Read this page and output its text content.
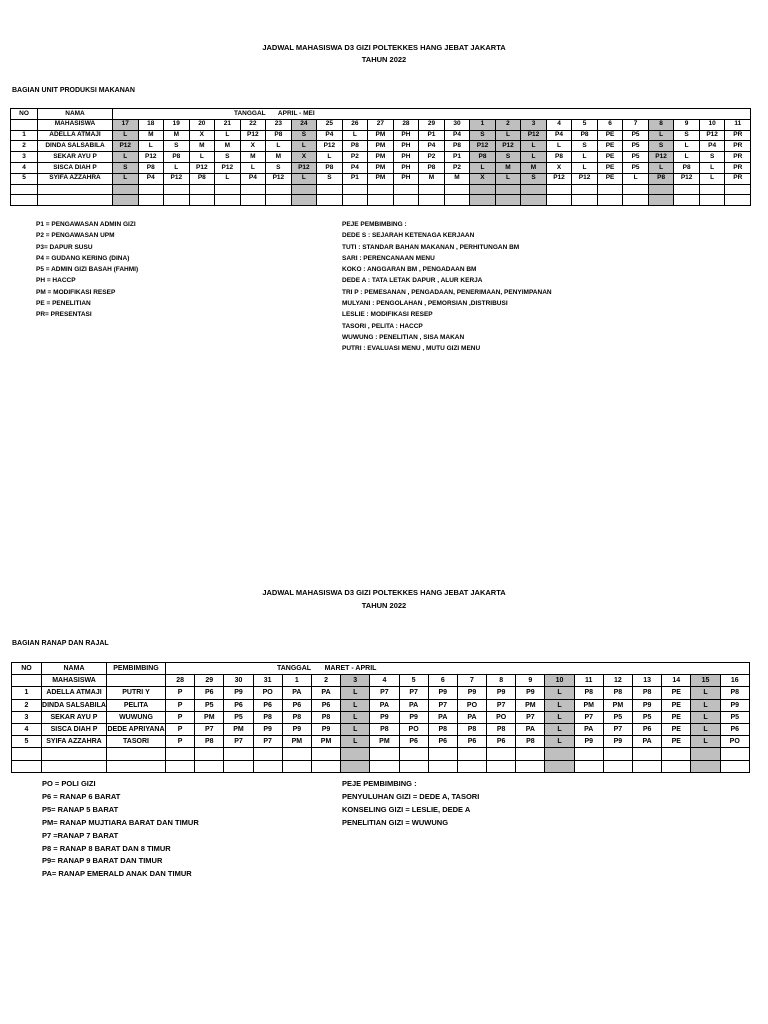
JADWAL MAHASISWA D3 GIZI POLTEKKES HANG JEBAT JAKARTA
TAHUN 2022
BAGIAN UNIT PRODUKSI MAKANAN
NO	NAMA	TANGGAL       APRIL - MEI																								
	MAHASISWA	17	18	19	20	21	22	23	24	25	26	27	28	29	30	1	2	3	4	5	6	7	8	9	10	11
1	ADELLA ATMAJI	L	M	M	X	L	P12	P8	S	P4	L	PM	PH	P1	P4	S	L	P12	P4	P8	PE	P5	L	S	P12	PR
2	DINDA SALSABILA	P12	L	S	M	M	X	L	L	P12	P8	PM	PH	P4	P8	P12	P12	L	L	S	PE	P5	S	L	P4	PR
3	SEKAR AYU P	L	P12	P8	L	S	M	M	X	L	P2	PM	PH	P2	P1	P8	S	L	P8	L	PE	P5	P12	L	S	PR
4	SISCA DIAH P	S	P8	L	P12	P12	L	S	P12	P8	P4	PM	PH	P8	P2	L	M	M	X	L	PE	P5	L	P8	L	PR
5	SYIFA AZZAHRA	L	P4	P12	P8	L	P4	P12	L	S	P1	PM	PH	M	M	X	L	S	P12	P12	PE	L	P8	P12	L	PR

P1 = PENGAWASAN ADMIN GIZI
P2 = PENGAWASAN UPM
P3= DAPUR SUSU
P4 = GUDANG KERING (DINA)
P5 = ADMIN GIZI BASAH (FAHMI)
PH = HACCP
PM = MODIFIKASI RESEP
PE = PENELITIAN
PR= PRESENTASI
PEJE PEMBIMBING :
DEDE S : SEJARAH KETENAGA KERJAAN
TUTI : STANDAR BAHAN MAKANAN , PERHITUNGAN BM
SARI : PERENCANAAN MENU
KOKO : ANGGARAN BM , PENGADAAN BM
DEDE A : TATA LETAK DAPUR , ALUR KERJA
TRI P : PEMESANAN , PENGADAAN, PENERIMAAN, PENYIMPANAN
MULYANI : PENGOLAHAN , PEMORSIAN ,DISTRIBUSI
LESLIE : MODIFIKASI RESEP
TASORI , PELITA : HACCP
WUWUNG : PENELITIAN , SISA MAKAN
PUTRI : EVALUASI MENU , MUTU GIZI MENU
JADWAL MAHASISWA D3 GIZI POLTEKKES HANG JEBAT JAKARTA
TAHUN 2022
BAGIAN RANAP DAN RAJAL
NO	NAMA	PEMBIMBING	TANGGAL       MARET - APRIL																			
	MAHASISWA		28	29	30	31	1	2	3	4	5	6	7	8	9	10	11	12	13	14	15	16
1	ADELLA ATMAJI	PUTRI Y	P	P6	P9	PO	PA	PA	L	P7	P7	P9	P9	P9	P9	L	P8	P8	P8	PE	L	P8
2	DINDA SALSABILA	PELITA	P	P5	P6	P6	P6	P6	L	PA	PA	P7	PO	P7	PM	L	PM	PM	P9	PE	L	P9
3	SEKAR AYU P	WUWUNG	P	PM	P5	P8	P8	P8	L	P9	P9	PA	PA	PO	P7	L	P7	P5	P5	PE	L	P5
4	SISCA DIAH P	DEDE APRIYANA	P	P7	PM	P9	P9	P9	L	P8	PO	P8	P8	P8	PA	L	PA	P7	P6	PE	L	P6
5	SYIFA AZZAHRA	TASORI	P	P8	P7	P7	PM	PM	L	PM	P6	P6	P6	P6	P8	L	P9	P9	PA	PE	L	PO

PO = POLI GIZI
P6 = RANAP 6 BARAT
P5= RANAP 5 BARAT
PM= RANAP MUJTIARA BARAT DAN TIMUR
P7 =RANAP 7 BARAT
P8 = RANAP 8 BARAT DAN 8 TIMUR
P9= RANAP 9 BARAT DAN TIMUR
PA= RANAP EMERALD ANAK DAN TIMUR
PEJE PEMBIMBING :
PENYULUHAN GIZI = DEDE A, TASORI
KONSELING GIZI = LESLIE, DEDE A
PENELITIAN GIZI = WUWUNG
